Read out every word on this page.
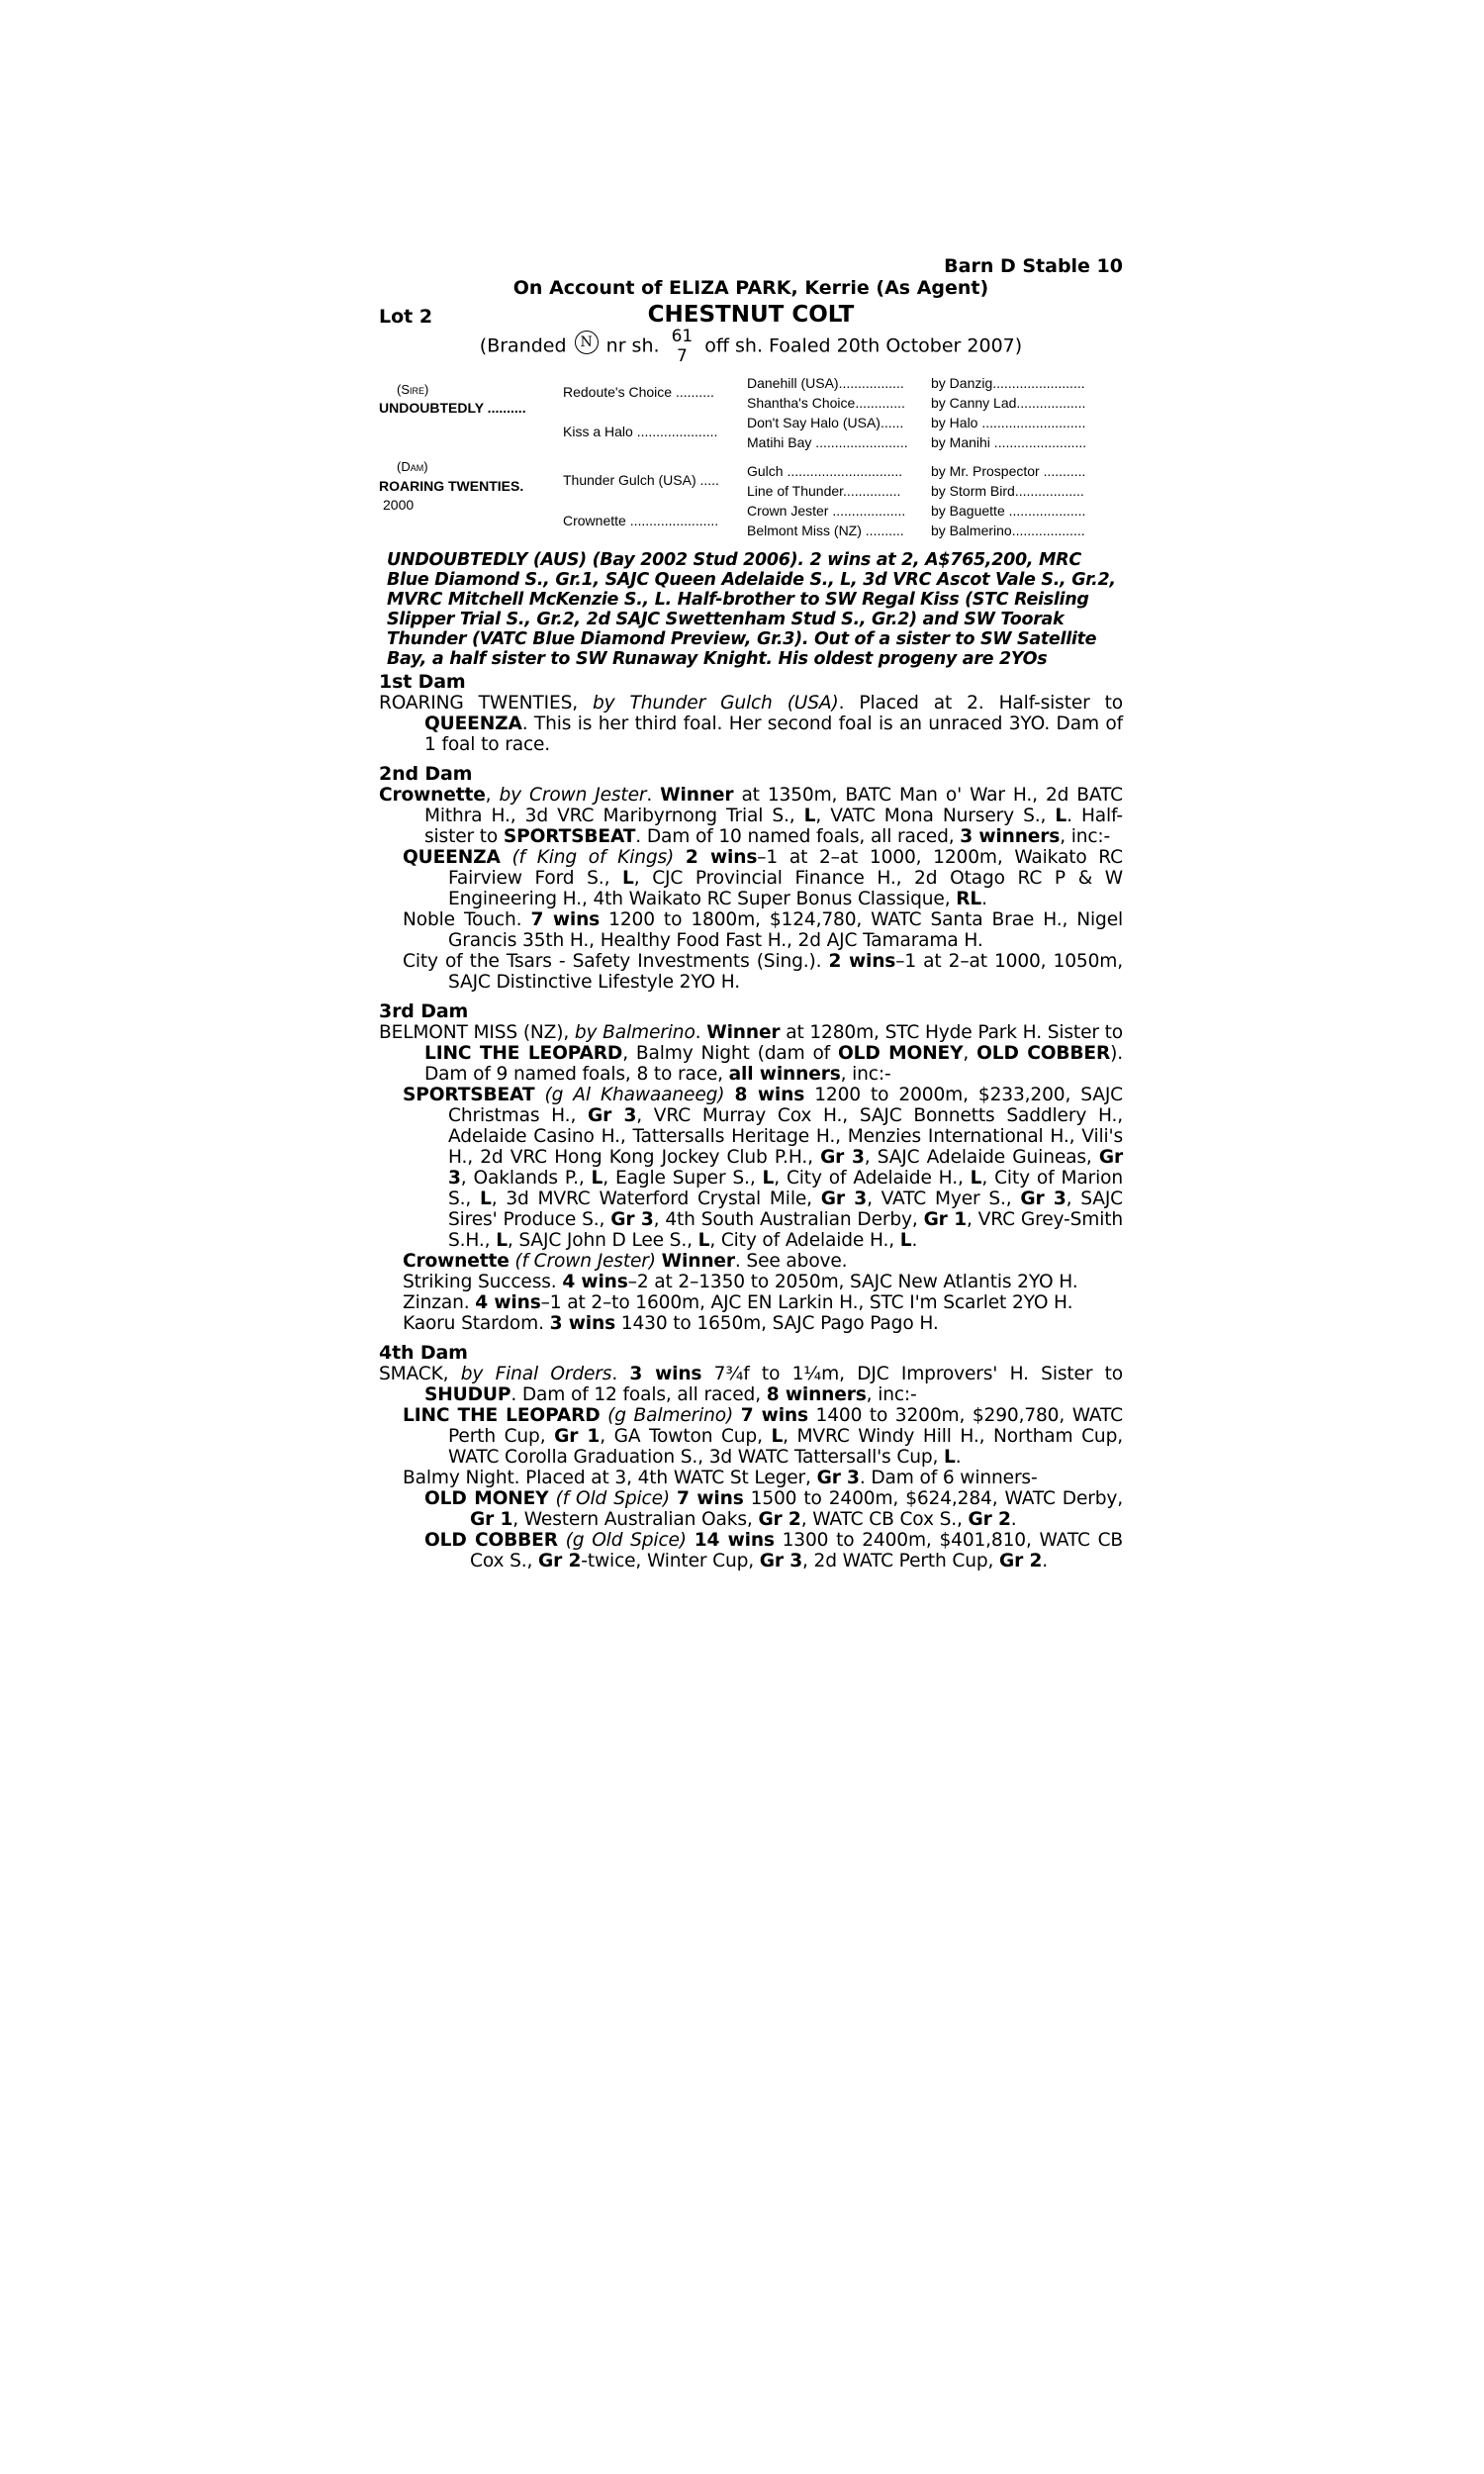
Barn D Stable 10
On Account of ELIZA PARK, Kerrie (As Agent)
Lot 2	CHESTNUT COLT
(Branded N nr sh. 61
7 off sh. Foaled 20th October 2007)
(Sire)
UNDOUBTEDLY ..........
(Dam)
ROARING TWENTIES.
2000
Redoute's Choice ..........
Kiss a Halo .....................
Thunder Gulch (USA) .....
Crownette .......................
Danehill (USA).................
Shantha's Choice.............
Don't Say Halo (USA)......
Matihi Bay ........................
Gulch ..............................
Line of Thunder...............
Crown Jester ...................
Belmont Miss (NZ) ..........
by Danzig........................
by Canny Lad..................
by Halo ...........................
by Manihi ........................
by Mr. Prospector ...........
by Storm Bird..................
by Baguette ....................
by Balmerino...................
UNDOUBTEDLY (AUS) (Bay 2002 Stud 2006). 2 wins at 2, A$765,200, MRC Blue Diamond S., Gr.1, SAJC Queen Adelaide S., L, 3d VRC Ascot Vale S., Gr.2, MVRC Mitchell McKenzie S., L. Half-brother to SW Regal Kiss (STC Reisling Slipper Trial S., Gr.2, 2d SAJC Swettenham Stud S., Gr.2) and SW Toorak Thunder (VATC Blue Diamond Preview, Gr.3). Out of a sister to SW Satellite Bay, a half sister to SW Runaway Knight. His oldest progeny are 2YOs
1st Dam

ROARING TWENTIES, by Thunder Gulch (USA). Placed at 2. Half-sister to QUEENZA. This is her third foal. Her second foal is an unraced 3YO. Dam of 1 foal to race.

2nd Dam

Crownette, by Crown Jester. Winner at 1350m, BATC Man o' War H., 2d BATC Mithra H., 3d VRC Maribyrnong Trial S., L, VATC Mona Nursery S., L. Half-sister to SPORTSBEAT. Dam of 10 named foals, all raced, 3 winners, inc:-

QUEENZA (f King of Kings) 2 wins–1 at 2–at 1000, 1200m, Waikato RC Fairview Ford S., L, CJC Provincial Finance H., 2d Otago RC P & W Engineering H., 4th Waikato RC Super Bonus Classique, RL.

Noble Touch. 7 wins 1200 to 1800m, $124,780, WATC Santa Brae H., Nigel Grancis 35th H., Healthy Food Fast H., 2d AJC Tamarama H.

City of the Tsars - Safety Investments (Sing.). 2 wins–1 at 2–at 1000, 1050m, SAJC Distinctive Lifestyle 2YO H.

3rd Dam

BELMONT MISS (NZ), by Balmerino. Winner at 1280m, STC Hyde Park H. Sister to LINC THE LEOPARD, Balmy Night (dam of OLD MONEY, OLD COBBER). Dam of 9 named foals, 8 to race, all winners, inc:-

SPORTSBEAT (g Al Khawaaneeg) 8 wins 1200 to 2000m, $233,200, SAJC Christmas H., Gr 3, VRC Murray Cox H., SAJC Bonnetts Saddlery H., Adelaide Casino H., Tattersalls Heritage H., Menzies International H., Vili's H., 2d VRC Hong Kong Jockey Club P.H., Gr 3, SAJC Adelaide Guineas, Gr 3, Oaklands P., L, Eagle Super S., L, City of Adelaide H., L, City of Marion S., L, 3d MVRC Waterford Crystal Mile, Gr 3, VATC Myer S., Gr 3, SAJC Sires' Produce S., Gr 3, 4th South Australian Derby, Gr 1, VRC Grey-Smith S.H., L, SAJC John D Lee S., L, City of Adelaide H., L.

Crownette (f Crown Jester) Winner. See above.

Striking Success. 4 wins–2 at 2–1350 to 2050m, SAJC New Atlantis 2YO H.

Zinzan. 4 wins–1 at 2–to 1600m, AJC EN Larkin H., STC I'm Scarlet 2YO H.

Kaoru Stardom. 3 wins 1430 to 1650m, SAJC Pago Pago H.

4th Dam

SMACK, by Final Orders. 3 wins 7¾f to 1¼m, DJC Improvers' H. Sister to SHUDUP. Dam of 12 foals, all raced, 8 winners, inc:-

LINC THE LEOPARD (g Balmerino) 7 wins 1400 to 3200m, $290,780, WATC Perth Cup, Gr 1, GA Towton Cup, L, MVRC Windy Hill H., Northam Cup, WATC Corolla Graduation S., 3d WATC Tattersall's Cup, L.

Balmy Night. Placed at 3, 4th WATC St Leger, Gr 3. Dam of 6 winners-

OLD MONEY (f Old Spice) 7 wins 1500 to 2400m, $624,284, WATC Derby, Gr 1, Western Australian Oaks, Gr 2, WATC CB Cox S., Gr 2.

OLD COBBER (g Old Spice) 14 wins 1300 to 2400m, $401,810, WATC CB Cox S., Gr 2-twice, Winter Cup, Gr 3, 2d WATC Perth Cup, Gr 2.
